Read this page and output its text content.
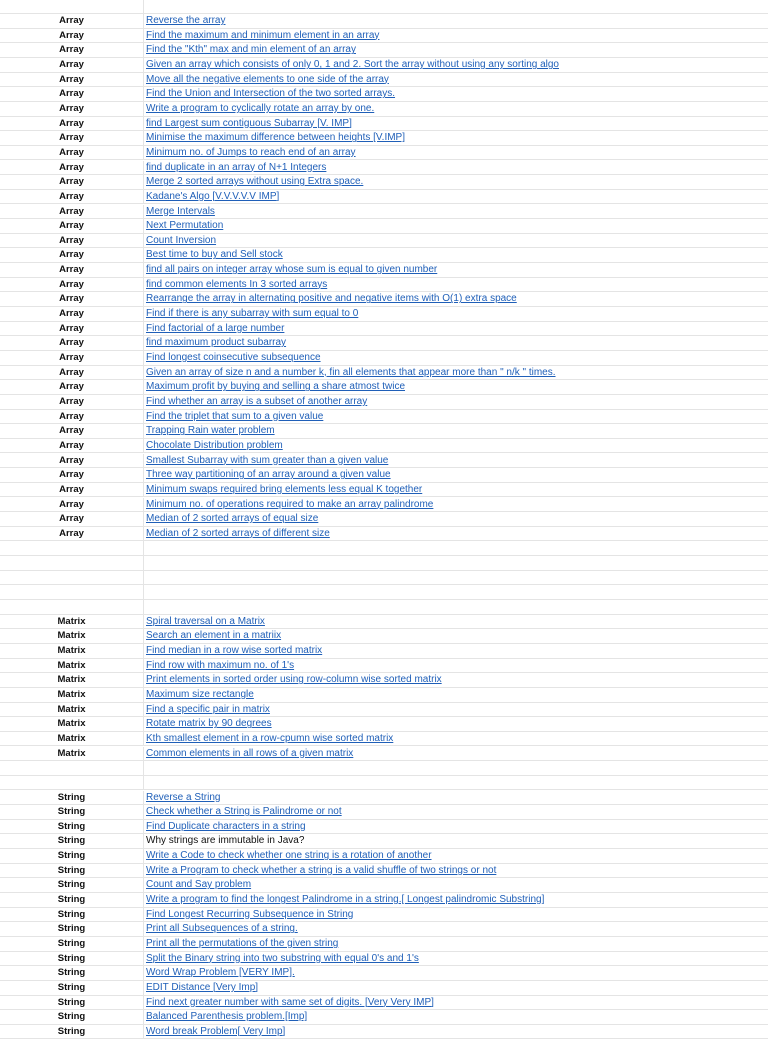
Array	Reverse the array
Array	Find the maximum and minimum element in an array
Array	Find the "Kth" max and min element of an array
Array	Given an array which consists of only 0, 1 and 2. Sort the array without using any sorting algo
Array	Move all the negative elements to one side of the array
Array	Find the Union and Intersection of the two sorted arrays.
Array	Write a program to cyclically rotate an array by one.
Array	find Largest sum contiguous Subarray [V. IMP]
Array	Minimise the maximum difference between heights [V.IMP]
Array	Minimum no. of Jumps to reach end of an array
Array	find duplicate in an array of N+1 Integers
Array	Merge 2 sorted arrays without using Extra space.
Array	Kadane's Algo [V.V.V.V.V IMP]
Array	Merge Intervals
Array	Next Permutation
Array	Count Inversion
Array	Best time to buy and Sell stock
Array	find all pairs on integer array whose sum is equal to given number
Array	find common elements In 3 sorted arrays
Array	Rearrange the array in alternating positive and negative items with O(1) extra space
Array	Find if there is any subarray with sum equal to 0
Array	Find factorial of a large number
Array	find maximum product subarray
Array	Find longest coinsecutive subsequence
Array	Given an array of size n and a number k, fin all elements that appear more than " n/k " times.
Array	Maximum profit by buying and selling a share atmost twice
Array	Find whether an array is a subset of another array
Array	Find the triplet that sum to a given value
Array	Trapping Rain water problem
Array	Chocolate Distribution problem
Array	Smallest Subarray with sum greater than a given value
Array	Three way partitioning of an array around a given value
Array	Minimum swaps required bring elements less equal K together
Array	Minimum no. of operations required to make an array palindrome
Array	Median of 2 sorted arrays of equal size
Array	Median of 2 sorted arrays of different size
Matrix	Spiral traversal on a Matrix
Matrix	Search an element in a matriix
Matrix	Find median in a row wise sorted matrix
Matrix	Find row with maximum no. of 1's
Matrix	Print elements in sorted order using row-column wise sorted matrix
Matrix	Maximum size rectangle
Matrix	Find a specific pair in matrix
Matrix	Rotate matrix by 90 degrees
Matrix	Kth smallest element in a row-cpumn wise sorted matrix
Matrix	Common elements in all rows of a given matrix
String	Reverse a String
String	Check whether a String is Palindrome or not
String	Find Duplicate characters in a string
String	Why strings are immutable in Java?
String	Write a Code to check whether one string is a rotation of another
String	Write a Program to check whether a string is a valid shuffle of two strings or not
String	Count and Say problem
String	Write a program to find the longest Palindrome in a string.[ Longest palindromic Substring]
String	Find Longest Recurring Subsequence in String
String	Print all Subsequences of a string.
String	Print all the permutations of the given string
String	Split the Binary string into two substring with equal 0's and 1's
String	Word Wrap Problem [VERY IMP].
String	EDIT Distance [Very Imp]
String	Find next greater number with same set of digits. [Very Very IMP]
String	Balanced Parenthesis problem.[Imp]
String	Word break Problem[ Very Imp]
